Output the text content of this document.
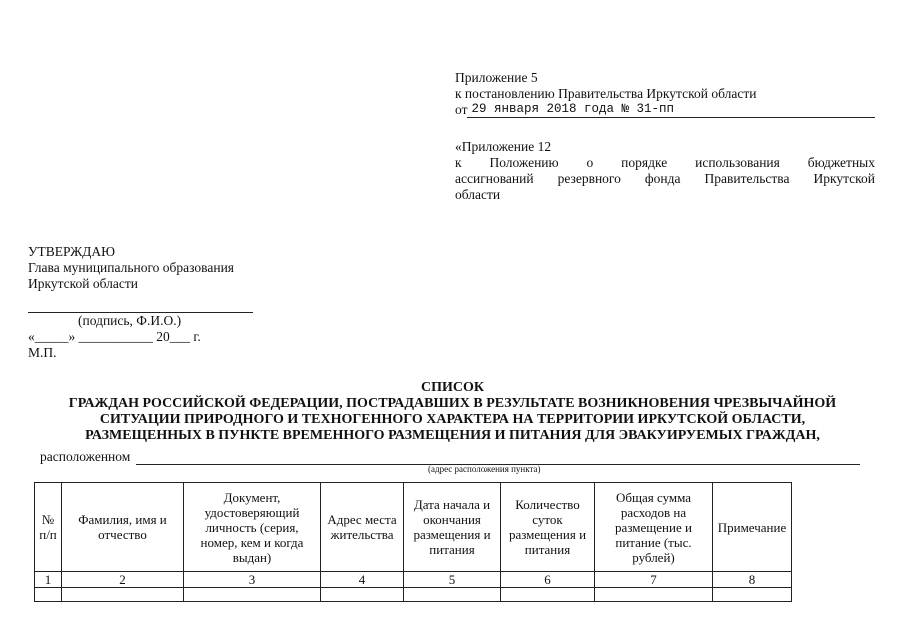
Приложение 5
к постановлению Правительства Иркутской области
от 29 января 2018 года № 31-пп
«Приложение 12
к Положению о порядке использования бюджетных
ассигнований резервного фонда Правительства Иркутской
области
УТВЕРЖДАЮ
Глава муниципального образования
Иркутской области
(подпись, Ф.И.О.)
«_____» ___________ 20___ г.
М.П.
СПИСОК
ГРАЖДАН РОССИЙСКОЙ ФЕДЕРАЦИИ, ПОСТРАДАВШИХ В РЕЗУЛЬТАТЕ ВОЗНИКНОВЕНИЯ ЧРЕЗВЫЧАЙНОЙ
СИТУАЦИИ ПРИРОДНОГО И ТЕХНОГЕННОГО ХАРАКТЕРА НА ТЕРРИТОРИИ ИРКУТСКОЙ ОБЛАСТИ,
РАЗМЕЩЕННЫХ В ПУНКТЕ ВРЕМЕННОГО РАЗМЕЩЕНИЯ И ПИТАНИЯ ДЛЯ ЭВАКУИРУЕМЫХ ГРАЖДАН,
расположенном
(адрес расположения пункта)
№ п/п	Фамилия, имя и отчество	Документ, удостоверяющий личность (серия, номер, кем и когда выдан)	Адрес места жительства	Дата начала и окончания размещения и питания	Количество суток размещения и питания	Общая сумма расходов на размещение и питание (тыс. рублей)	Примечание
1	2	3	4	5	6	7	8
